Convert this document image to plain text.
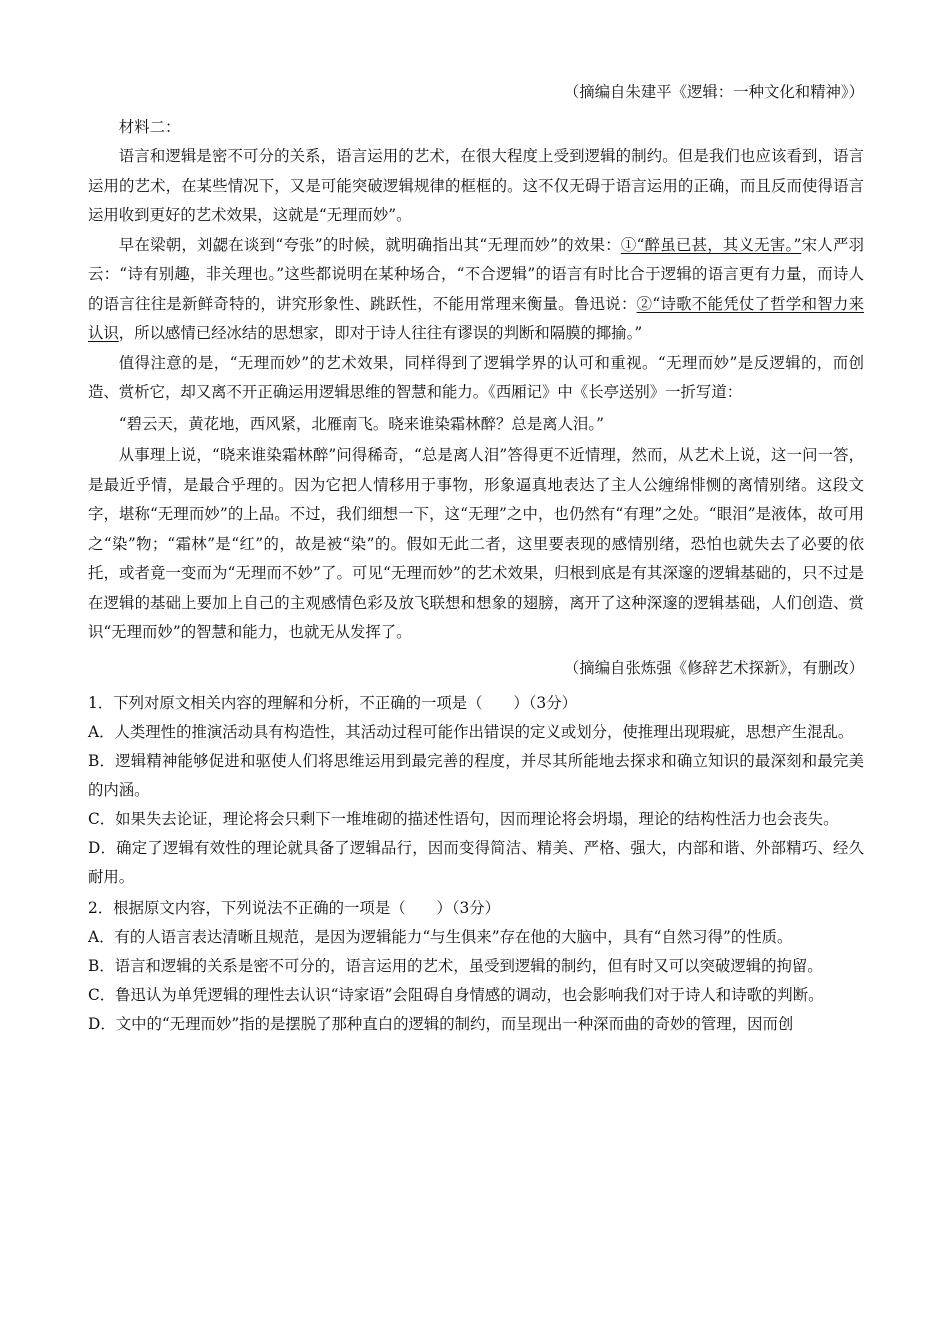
（摘编自朱建平《逻辑：一种文化和精神》）

材料二：

语言和逻辑是密不可分的关系，语言运用的艺术，在很大程度上受到逻辑的制约。但是我们也应该看到，语言运用的艺术，在某些情况下，又是可能突破逻辑规律的框框的。这不仅无碍于语言运用的正确，而且反而使得语言运用收到更好的艺术效果，这就是“无理而妙”。

早在梁朝，刘勰在谈到“夸张”的时候，就明确指出其“无理而妙”的效果：①“醉虽已甚，其义无害。”宋人严羽云：“诗有别趣，非关理也。”这些都说明在某种场合，“不合逻辑”的语言有时比合于逻辑的语言更有力量，而诗人的语言往往是新鲜奇特的，讲究形象性、跳跃性，不能用常理来衡量。鲁迅说：②“诗歌不能凭仗了哲学和智力来认识，所以感情已经冰结的思想家，即对于诗人往往有谬误的判断和隔膜的揶揄。”

值得注意的是，“无理而妙”的艺术效果，同样得到了逻辑学界的认可和重视。“无理而妙”是反逻辑的，而创造、赏析它，却又离不开正确运用逻辑思维的智慧和能力。《西厢记》中《长亭送别》一折写道：

“碧云天，黄花地，西风紧，北雁南飞。晓来谁染霜林醉？总是离人泪。”

从事理上说，“晓来谁染霜林醉”问得稀奇，“总是离人泪”答得更不近情理，然而，从艺术上说，这一问一答，是最近乎情，是最合乎理的。因为它把人情移用于事物，形象逼真地表达了主人公缠绵悱恻的离情别绪。这段文字，堪称“无理而妙”的上品。不过，我们细想一下，这“无理”之中，也仍然有“有理”之处。“眼泪”是液体，故可用之“染”物；“霜林”是“红”的，故是被“染”的。假如无此二者，这里要表现的感情别绪，恐怕也就失去了必要的依托，或者竟一变而为“无理而不妙”了。可见“无理而妙”的艺术效果，归根到底是有其深邃的逻辑基础的，只不过是在逻辑的基础上要加上自己的主观感情色彩及放飞联想和想象的翅膀，离开了这种深邃的逻辑基础，人们创造、赏识“无理而妙”的智慧和能力，也就无从发挥了。

（摘编自张炼强《修辞艺术探新》，有删改）

1．下列对原文相关内容的理解和分析，不正确的一项是（　　）（3分）

A．人类理性的推演活动具有构造性，其活动过程可能作出错误的定义或划分，使推理出现瑕疵，思想产生混乱。

B．逻辑精神能够促进和驱使人们将思维运用到最完善的程度，并尽其所能地去探求和确立知识的最深刻和最完美的内涵。

C．如果失去论证，理论将会只剩下一堆堆砌的描述性语句，因而理论将会坍塌，理论的结构性活力也会丧失。

D．确定了逻辑有效性的理论就具备了逻辑品行，因而变得简洁、精美、严格、强大，内部和谐、外部精巧、经久耐用。

2．根据原文内容，下列说法不正确的一项是（　　）（3分）

A．有的人语言表达清晰且规范，是因为逻辑能力“与生俱来”存在他的大脑中，具有“自然习得”的性质。

B．语言和逻辑的关系是密不可分的，语言运用的艺术，虽受到逻辑的制约，但有时又可以突破逻辑的拘留。

C．鲁迅认为单凭逻辑的理性去认识“诗家语”会阻碍自身情感的调动，也会影响我们对于诗人和诗歌的判断。

D．文中的“无理而妙”指的是摆脱了那种直白的逻辑的制约，而呈现出一种深而曲的奇妙的管理，因而创
